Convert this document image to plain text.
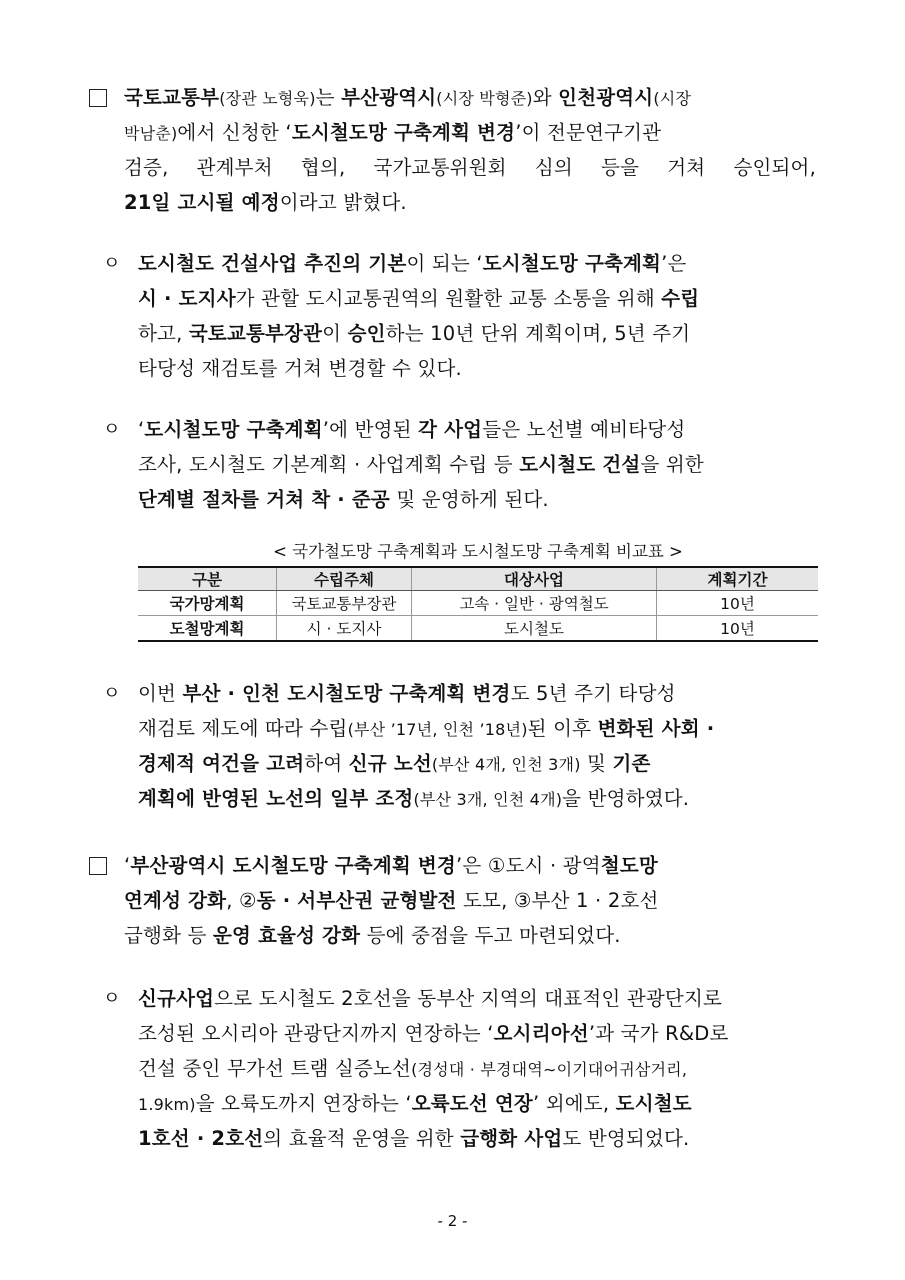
국토교통부(장관 노형욱)는 부산광역시(시장 박형준)와 인천광역시(시장
박남춘)에서 신청한 ‘도시철도망 구축계획 변경’이 전문연구기관
검증, 관계부처 협의, 국가교통위원회 심의 등을 거쳐 승인되어,
21일 고시될 예정이라고 밝혔다.
ㅇ 도시철도 건설사업 추진의 기본이 되는 ‘도시철도망 구축계획’은
시 · 도지사가 관할 도시교통권역의 원활한 교통 소통을 위해 수립
하고, 국토교통부장관이 승인하는 10년 단위 계획이며, 5년 주기
타당성 재검토를 거쳐 변경할 수 있다.
ㅇ ‘도시철도망 구축계획’에 반영된 각 사업들은 노선별 예비타당성
조사, 도시철도 기본계획 · 사업계획 수립 등 도시철도 건설을 위한
단계별 절차를 거쳐 착 · 준공 및 운영하게 된다.
< 국가철도망 구축계획과 도시철도망 구축계획 비교표 >
구분	수립주체	대상사업	계획기간
국가망계획	국토교통부장관	고속 · 일반 · 광역철도	10년
도철망계획	시 · 도지사	도시철도	10년
ㅇ 이번 부산 · 인천 도시철도망 구축계획 변경도 5년 주기 타당성
재검토 제도에 따라 수립(부산 ’17년, 인천 ’18년)된 이후 변화된 사회 ·
경제적 여건을 고려하여 신규 노선(부산 4개, 인천 3개) 및 기존
계획에 반영된 노선의 일부 조정(부산 3개, 인천 4개)을 반영하였다.
‘부산광역시 도시철도망 구축계획 변경’은 ①도시 · 광역철도망
연계성 강화, ②동 · 서부산권 균형발전 도모, ③부산 1 · 2호선
급행화 등 운영 효율성 강화 등에 중점을 두고 마련되었다.
ㅇ 신규사업으로 도시철도 2호선을 동부산 지역의 대표적인 관광단지로
조성된 오시리아 관광단지까지 연장하는 ‘오시리아선’과 국가 R&D로
건설 중인 무가선 트램 실증노선(경성대 · 부경대역∼이기대어귀삼거리,
1.9km)을 오륙도까지 연장하는 ‘오륙도선 연장’ 외에도, 도시철도
1호선 · 2호선의 효율적 운영을 위한 급행화 사업도 반영되었다.
- 2 -
